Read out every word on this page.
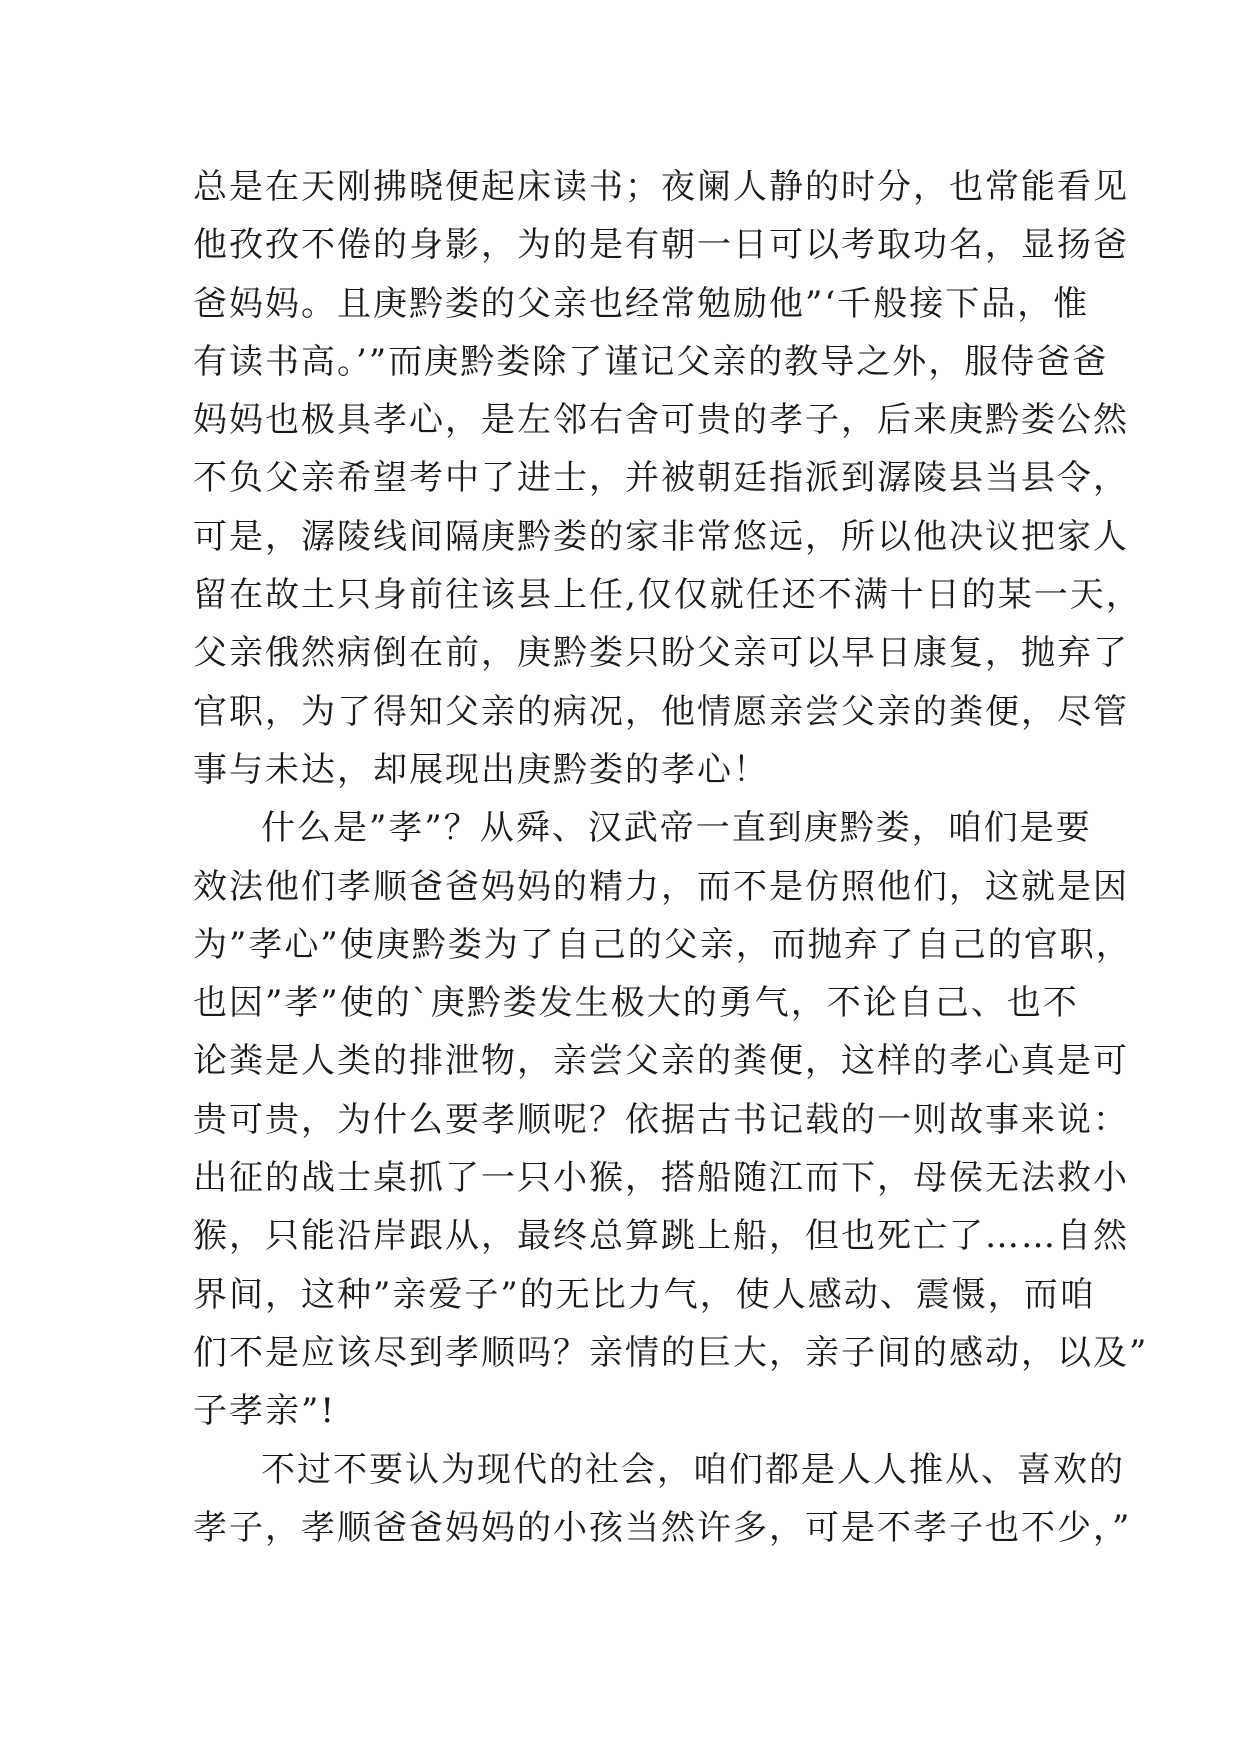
总是在天刚拂晓便起床读书；夜阑人静的时分，也常能看见
他孜孜不倦的身影，为的是有朝一日可以考取功名，显扬爸
爸妈妈。且庚黔娄的父亲也经常勉励他”‘千般接下品，惟
有读书高。’”而庚黔娄除了谨记父亲的教导之外，服侍爸爸
妈妈也极具孝心，是左邻右舍可贵的孝子，后来庚黔娄公然
不负父亲希望考中了进士，并被朝廷指派到潺陵县当县令，
可是，潺陵线间隔庚黔娄的家非常悠远，所以他决议把家人
留在故土只身前往该县上任,仅仅就任还不满十日的某一天，
父亲俄然病倒在前，庚黔娄只盼父亲可以早日康复，抛弃了
官职，为了得知父亲的病况，他情愿亲尝父亲的粪便，尽管
事与未达，却展现出庚黔娄的孝心！
什么是”孝”？从舜、汉武帝一直到庚黔娄，咱们是要
效法他们孝顺爸爸妈妈的精力，而不是仿照他们，这就是因
为”孝心”使庚黔娄为了自己的父亲，而抛弃了自己的官职，
也因”孝”使的`庚黔娄发生极大的勇气，不论自己、也不
论粪是人类的排泄物，亲尝父亲的粪便，这样的孝心真是可
贵可贵，为什么要孝顺呢？依据古书记载的一则故事来说：
出征的战士桌抓了一只小猴，搭船随江而下，母侯无法救小
猴，只能沿岸跟从，最终总算跳上船，但也死亡了……自然
界间，这种”亲爱子”的无比力气，使人感动、震慑，而咱
们不是应该尽到孝顺吗？亲情的巨大，亲子间的感动，以及”
子孝亲”!
不过不要认为现代的社会，咱们都是人人推从、喜欢的
孝子，孝顺爸爸妈妈的小孩当然许多，可是不孝子也不少，”
